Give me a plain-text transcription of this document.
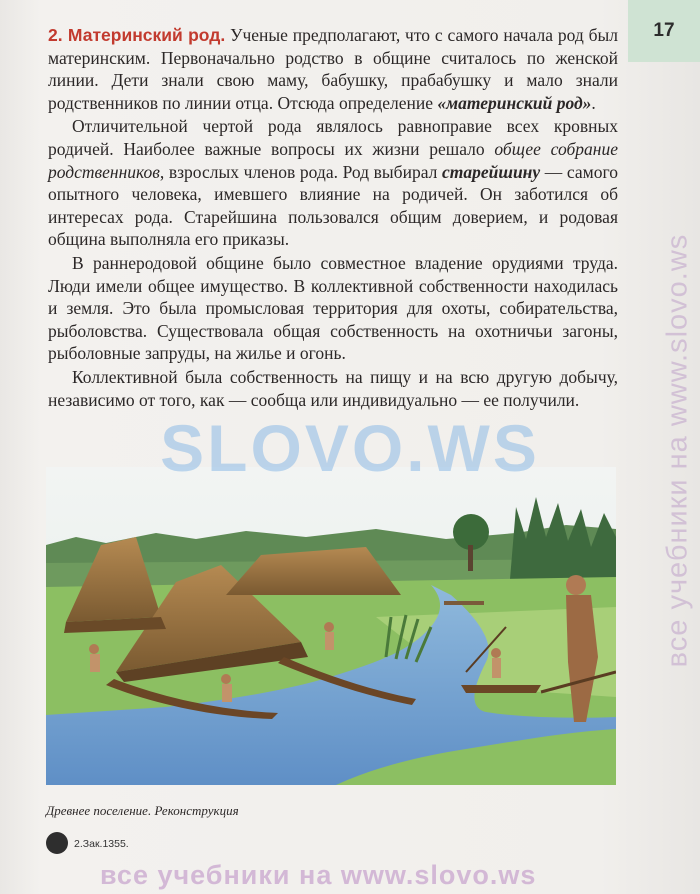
17

2. Материнский род. Ученые предполагают, что с самого начала род был материнским. Первоначально родство в общине считалось по женской линии. Дети знали свою маму, бабушку, прабабушку и мало знали родственников по линии отца. Отсюда определение «материнский род».

Отличительной чертой рода являлось равноправие всех кровных родичей. Наиболее важные вопросы их жизни решало общее собрание родственников, взрослых членов рода. Род выбирал старейшину — самого опытного человека, имевшего влияние на родичей. Он заботился об интересах рода. Старейшина пользовался общим доверием, и родовая община выполняла его приказы.

В раннеродовой общине было совместное владение орудиями труда. Люди имели общее имущество. В коллективной собственности находилась и земля. Это была промысловая территория для охоты, собирательства, рыболовства. Существовала общая собственность на охотничьи загоны, рыболовные запруды, на жилье и огонь.

Коллективной была собственность на пищу и на всю другую добычу, независимо от того, как — сообща или индивидуально — ее получили.

Древнее поселение. Реконструкция
2.Зак.1355.
SLOVO.WS	все учебники на www.slovo.ws
все учебники на www.slovo.ws
